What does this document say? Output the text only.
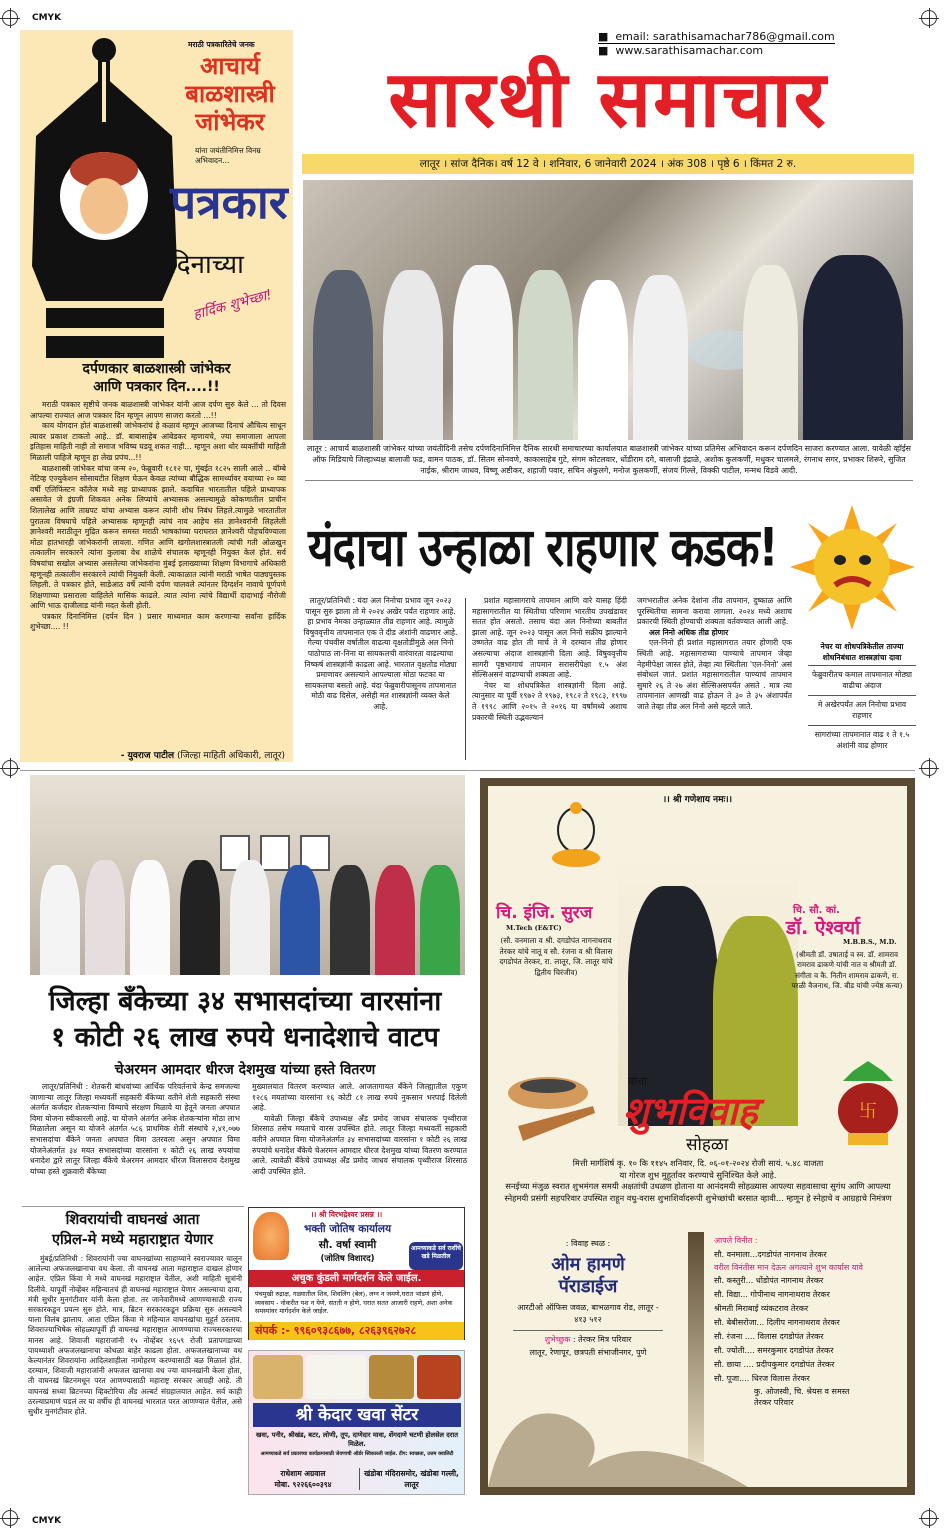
CMYK
CMYK
मराठी पत्रकारितेचे जनक
आचार्य
बाळशास्त्री
जांभेकर
यांना जयंतीनिमित्त विनम्र अभिवादन...
पत्रकार
दिनाच्या
हार्दिक शुभेच्छा!
दर्पणकार बाळशास्त्री जांभेकर
आणि पत्रकार दिन....!!

मराठी पत्रकार सृष्टीचे जनक बाळशास्त्री जांभेकर यांनी आज दर्पण सुरु केले ... तो दिवस आपल्या राज्यात आज पत्रकार दिन म्हणून आपण साजरा करतो ...!!

काय योगदान होतं बाळशास्त्री जांभेकरांचं हे कळावं म्हणून आजच्या दिनाचं औचित्य साधून त्यावर प्रकाश टाकतो आहे.. डॉ. बाबासाहेब आंबेडकर म्हणायचे, ज्या समाजाला आपला इतिहास माहिती नाही तो समाज भविष्य घडवू शकत नाही... म्हणून अशा थोर व्यक्तींची माहिती मिळाली पाहिजे म्हणून हा लेख प्रपंच...!!

बाळशास्त्री जांभेकर यांचा जन्म २०, फेब्रुवारी १८१२ चा, मुंबईत १८२५ साली आले .. बॉम्बे नेटिव्ह एज्युकेशन सोसायटीत शिक्षण घेऊन केवळ त्यांच्या बौद्धिक सामर्थ्यावर वयाच्या २० व्या वर्षी एलिफिंस्टन कॉलेज मध्ये सह प्राध्यापक झाले. कदाचित भारतातील पहिले प्राध्यापक असावेत जे इंग्रजी शिकवत अनेक लिप्यांचे अभ्यासक असल्यामुळे कोकणातील प्राचीन शिलालेख आणि ताम्रपट यांचा अभ्यास करून त्यांनी शोध निबंध लिहले.त्यामुळे भारतातील पुरातत्व विषयाचे पहिले अभ्यासक म्हणूनही त्यांचं नाव आहेच संत ज्ञानेश्वरांनी लिहलेली ज्ञानेश्वरी मराठीतून मुद्रित करून समस्त मराठी भाषकांच्या घराघरात ज्ञानेश्वरी पोहचविण्याला मोठा हातभारही जांभेकरांनी लावला. गणित आणि खगोलशास्त्रातली त्यांची गती ओळखुन तत्कालीन सरकारने त्यांना कुलाबा वेध शाळेचे संचालक म्हणूनही नियुक्त केलं होतं. सर्व विषयांचा सखोल अभ्यास असलेल्या जांभेकरांना मुंबई इलाख्याच्या शिक्षण विभागाचे अधिकारी म्हणूनही तत्कालीन सरकारने त्यांची नियुक्ती केली. त्याकाळात त्यांनी मराठी भाषेत पाठ्यपुस्तक लिहली. ते पत्रकार होते, साडेआठ वर्षे त्यांनी दर्पण चालवले त्यांनतर दिग्दर्शन नावाचे पूर्णपणे शिक्षणाच्या प्रसाराला वाहिलेले मासिक काढले. त्यात त्यांना त्यांचे विद्यार्थी दादाभाई नौरोजी आणि भाऊ दाजीलाड यांनी मदत केली होती.

पत्रकार दिनानिमित्त (दर्पन दिन ) प्रसार माध्यमात काम करणाऱ्या सर्वांना हार्दिक शुभेच्छा.... !!

- युवराज पाटील (जिल्हा माहिती अधिकारी, लातूर)
■  email: sarathisamachar786@gmail.com
■  www.sarathisamachar.com
सारथी समाचार
लातूर । सांज दैनिक। वर्ष 12 वे । शनिवार, 6 जानेवारी 2024 । अंक 308 । पृष्ठे 6 । किंमत 2 रु.
लातूर : आचार्य बाळशास्त्री जांभेकर यांच्या जयंतीदिनी तसेच दर्पणदिनानिमित्त दैनिक सारथी समाचारच्या कार्यालयात बाळशास्त्री जांभेकर यांच्या प्रतिमेस अभिवादन करून दर्पणदिन साजरा करण्यात आला. यावेळी व्हॉईस ऑफ मिडियाचे जिल्हाध्यक्ष बालाजी फड, वामन पाठक, डॉ. सितम सोनवणे, काकासाहेब गुटे, संगम कोटलवार, धोंडीराम दगे, बालाजी इंद्राळे, अशोक कुलकर्णी, मधुकर चालमले, रंगनाथ सगर, प्रभाकर शिरूरे, सुजित नाईक, श्रीराम जाधव, विष्णू अष्टीकर, शहाजी पवार, सचिन अंकुलगे, मनोज कुलकर्णी, संजय गिल्ले, विक्की पाटील, मन्मथ विडवे आदी.
यंदाचा उन्हाळा राहणार कडक!
लातूर/प्रतिनिधी : यंदा अल निनोचा प्रभाव जून २०२३ पासून सुरु झाला तो मे २०२४ अखेर पर्यंत राहणार आहे. हा प्रभाव नेमका उन्हाळ्यात तीव्र राहणार आहे. त्यामुळे विषुववृत्तीय तापमानात एक ते दीड अंशांनी वाढणार आहे. गेल्या पंचवीस वर्षातील वाढत्या वृक्षतोडीमुळे अल निनो पाठोपाठ ला-निना या सायकलची वारंवारता वाढल्याचा निष्कर्ष शास्त्रज्ञांनी काढला आहे. भारतात वृक्षतोड मोठ्या प्रमाणावर असल्याने आपल्याला मोठा फटका या सायकलचा बसतो आहे. यंदा फेब्रुवारीपासूनच तापमानात मोठी वाढ दिसेल, असेही मत शास्त्रज्ञांनी व्यक्त केले आहे.

प्रशांत महासागराचे तापमान आणि वारे यासह हिंदी महासागरातील या स्थितीचा परिणाम भारतीय उपखंडावर सतत होत असतो. तसाच यंदा अल निनोच्या बाबतीत झाला आहे. जून २०२३ पासून अल निनो सक्रीय झाल्याने उष्णतेत वाढ होत ती मार्च ते मे दरम्यान तीव्र होणार असल्याचा अंदाज शास्त्रज्ञांनी दिला आहे. विषुववृत्तीय सागरी पृष्ठभागाचं तापमान सरासरीपेक्षा १.५ अंश सेल्सिअसनं वाढण्याची शक्यता आहे.

नेचर या शोधपत्रिकेत शास्त्रज्ञांनी दिला आहे. त्यानुसार या पूर्वी १९७२ ते १९७३, १९८२ ते १९८३, १९९७ ते १९९८ आणि २०१५ ते २०१६ या वर्षांमध्ये अशाच प्रकारची स्थिती उद्भवल्यानं

जगभरातील अनेक देशांना तीव्र तापमान, दुष्काळ आणि पूरस्थितीचा सामना करावा लागला. २०२४ मध्ये अशाच प्रकारची स्थिती होण्याची शक्यता वर्तवण्यात आली आहे.

अल निनो अधिक तीव्र होणार

एल-निनो ही प्रशांत महासागरात तयार होणारी एक स्थिती आहे. महासागराच्या पाण्याचे तापमान जेव्हा नेहमीपेक्षा जास्त होते, तेव्हा त्या स्थितीला 'एल-निनो' असं संबोधलं जातं. प्रशांत महासागरातील पाण्याचं तापमान सुमारे २६ ते २७ अंश सेल्सिअसपर्यंत असते . मात्र त्या तापमानात आणखी वाढ होऊन ते ३० ते ३५ अंशापर्यंत जाते तेव्हा तीव्र अल निनो असे म्हटले जाते.

नेचर या शोधपत्रिकेतील ताज्या शोधनिबंधात शास्त्रज्ञांचा दावा
फेब्रुवारीतच कमाल तापमानात मोठ्या वाढीचा अंदाज
मे अखेरपर्यंत अल निनोचा प्रभाव राहणार
सागरांच्या तापमानात वाढ १ ते १.५ अंशांनी वाढ होणार
जिल्हा बँकेच्या ३४ सभासदांच्या वारसांना
१ कोटी २६ लाख रुपये धनादेशाचे वाटप
चेअरमन आमदार धीरज देशमुख यांच्या हस्ते वितरण

लातूर/प्रतिनिधी : शेतकरी बांधवांच्या आर्थिक परिवर्तनाचे केन्द्र समजल्या जाणाऱ्या लातूर जिल्हा मध्यवर्ती सहकारी बँकेच्या वतीने शेती सहकारी संस्था अंतर्गत कर्जदार शेतकऱ्यांना विम्याचे संरक्षण मिळावे या हेतूने जनता अपघात विमा योजना स्वीकारली आहे. या योजने अंतर्गत अनेक शेतकऱ्यांना मोठा लाभ मिळालेला असून या योजने अंतर्गत ५८६ प्राथमिक शेती संस्थांचे २,४१,०७७ सभासदांचा बँकेने जनता अपघात विमा उतरवला असुन अपघात विमा योजनेअंतर्गत ३४ मयत सभासदांच्या वारसांना १ कोटी २६ लाख रुपयांचा धनादेश द्वारे लातूर जिल्हा बँकेचे चेअरमन आमदार धीरज विलासराव देशमुख यांच्या हस्ते शुक्रवारी बँकेच्या

मुख्यालयात वितरण करण्यात आले. आजतागायत बँकेने जिल्ह्यातील एकुण १२८६ मयतांच्या वारसांना १६ कोटी ८१ लाख रुपये नुकसान भरपाई दिलेली आहे.

यावेळी जिल्हा बँकेचे उपाध्यक्ष अँड प्रमोद जाधव संचालक पृथ्वीराज शिरसाठ तसेच मयताचे वारस उपस्थित होते. लातूर जिल्हा मध्यवर्ती सहकारी वतीने अपघात विमा योजनेअंतर्गत ३४ सभासदांच्या वारसांना १ कोटी २६ लाख रुपयांचे धनादेश बँकेचे चेअरमन आमदार धीरज देशमुख यांच्या वितरण करण्यात आले. त्यावेळी बँकेचे उपाध्यक्ष अँड प्रमोद जाधव संचालक पृथ्वीराज शिरसाठ आदी उपस्थित होते.

शिवरायांची वाघनखं आता
एप्रिल-मे मध्ये महाराष्ट्रात येणार

मुंबई/प्रतिनिधी : शिवरायांनी ज्या वाघनखांच्या साहाय्याने स्वराज्यावर चालून आलेल्या अफजलखानाचा वध केला. ती वाघनखं आता महाराष्ट्रात दाखल होणार आहेत. एप्रिल किंवा मे मध्ये वाघनखं महाराष्ट्रात येतील, अशी माहिती सूत्रांनी दिलीये. यापूर्वी नोव्हेंबर महिन्यातचं ही वाघनखं महाराष्ट्रात येणार असल्याचा दावा, मंत्री सुधीर मुनगंटीवार यांनी केला होता. तर जानेवारीमध्ये आणण्यासाठी राज्य सरकारकडून प्रयत्न सुरु होते. मात्र, ब्रिटन सरकारकडून प्रक्रिया सुरु असल्याने याला विलंब झालाय. आता एप्रिल किंवा मे महिन्यात वाघनखांचा मुहूर्त ठरलाय. शिवराज्याभिषेक सोहळ्यापूर्वी ही वाघनखं महाराष्ट्रात आणण्याचा राज्यसरकारचा मानस आहे. शिवाजी महाराजांनी १५ नोव्हेंबर १६५९ रोजी प्रतापगडाच्या पायथ्याशी अफजलखानाचा कोथळा बाहेर काढला होता. अफजलखानाच्या वध केल्यानंतर शिवरायांना आदिलशाहीला नामोहरण करण्यासाठी बळ मिळालं होतं. दरम्यान, शिवाजी महाराजांनी अफजल खानाचा वध ज्या वाघनखांनी केला होता, ती वाघनखं ब्रिटनमधून परत आणण्यासाठी महाराष्ट्र सरकार आग्रही आहे. ती वाघनखं सध्या ब्रिटनच्या व्हिक्टोरिया अँड अल्बर्ट संग्रहालयात आहेत. सर्व काही ठरल्याप्रमाणं घडलं तर या वर्षीच ही वाघनखं भारतात परत आणण्यात येतील, असे सुधीर मुनगंटीवार होते.

।। श्री विरभद्रेश्वर प्रसन्न ।।
भक्ती जोतिष कार्यालय
सौ. वर्षा स्वामी
(जोतिष विशारद)
आमच्याकडे सर्व राशींचे खडे मिळतील
अचुक कुंडली मार्गदर्शन केले जाईल.
पंचमुखी रुद्राक्ष, गळ्यातील शिव, शिवलिंग (बेल), लग्न न जमणे,घरात भांडणं होणे, व्यवसाय - नोकरीत यश न येणे, संतती न होणे, घरात सतत आजारी राहणे, अशा अनेक समस्यांवर मार्गदर्शन केले जाईल.
संपर्क :- ९९६०९३८६७७, ८२६३९६२७२८
श्री केदार खवा सेंटर
खवा, पनीर, श्रीखंड, बटर, लोणी, तूप, दाणेदार मावा, शेंगदाणे चटणी होलसेल दरात मिळेल.
आमच्याकडे सर्व प्रकारच्या कार्यक्रमासाठी जेवणाची ऑर्डर स्विकारली जाईल. टीप: स्वच्छता, उत्तम क्वालिटी
राधेशाम अग्रवाल
मोबा. ९२२६६००३९४
खंडोबा मंदिरासमोर, खंडोबा गल्ली, लातूर
।। श्री गणेशाय नमः।।
चि. इंजि. सुरज
M.Tech (E&TC)
(सौ. वनमाला व श्री. दगडोपंत नागनाथराव तेरकर यांचे नातू व सौ. रंजना व श्री विलास दगडोपंत तेरकर, रा. लातूर, जि. लातूर यांचे द्वितीय चिरंजीव)
चि. सौ. कां.
डॉ. ऐश्वर्या
M.B.B.S., M.D.
(श्रीमती डॉ. उषाताई व स्व. डॉ. शामराव रामराव ढाकणे यांची नात व श्रीमती डॉ. संगीता व कै. नितीन शामराव ढाकणे, रा. परळी वैजनाथ, जि. बीड यांची ज्येष्ठ कन्या)
卐
यांचा
शुभविवाह
सोहळा
मित्ती मार्गशिर्ष कृ. १० कि ११४५ शनिवार, दि. ०६-०१-२०२४ रोजी सायं. ५.४८ वाजता
या गोरज शुभ मुहूर्तावर करण्याचे सुनिश्चित केले आहे.
सनईच्या मंजुळ स्वरात शुभमंगल समयी अक्षतांची उधळण होताना या आनंदमयी सोहळ्यास आपल्या सहवासाचा सुगंध आणि आपल्या स्नेहमयी प्रसंगी सहपरिवार उपस्थित राहून वधु-वरास शुभाशिर्वादरूपी शुभेच्छांची बरसात व्हावी... म्हणून हे स्नेहाचे व आग्रहाचे निमंत्रण
: विवाह स्थळ :
ओम हामणे
पॅराडाईज
आरटीओ ऑफिस जवळ, बाभळगाव रोड, लातूर - ४१३ ५१२
शुभेच्छुक : तेरकर मित्र परिवार
लातूर, रेणापूर, छत्रपती संभाजीनगर, पुणे
आपले विनीत :
सौ. वनमाला...दगडोपंत नागनाथ तेरकर
वरील विनंतीस मान देऊन अगत्याने शुभ कार्यास यावे
सौ. कस्तुरी... धोंडोपंत नागनाथ तेरकर
सौ. विद्या... गोपीनाथ नागनाथराव तेरकर
श्रीमती मिराबाई व्यंकटराव तेरकर
सौ. बेबीसरोजा... दिलीप नागनाथराव तेरकर
सौ. रंजना .... विलास दगडोपंत तेरकर
सौ. ज्योती.... समरकुमार दगडोपंत तेरकर
सौ. छाया .... प्रदीपकुमार दगडोपंत तेरकर
सौ. पूजा.... धिरज विलास तेरकर
कु. ओजस्वी, चि. श्रेयस व समस्त तेरकर परिवार
